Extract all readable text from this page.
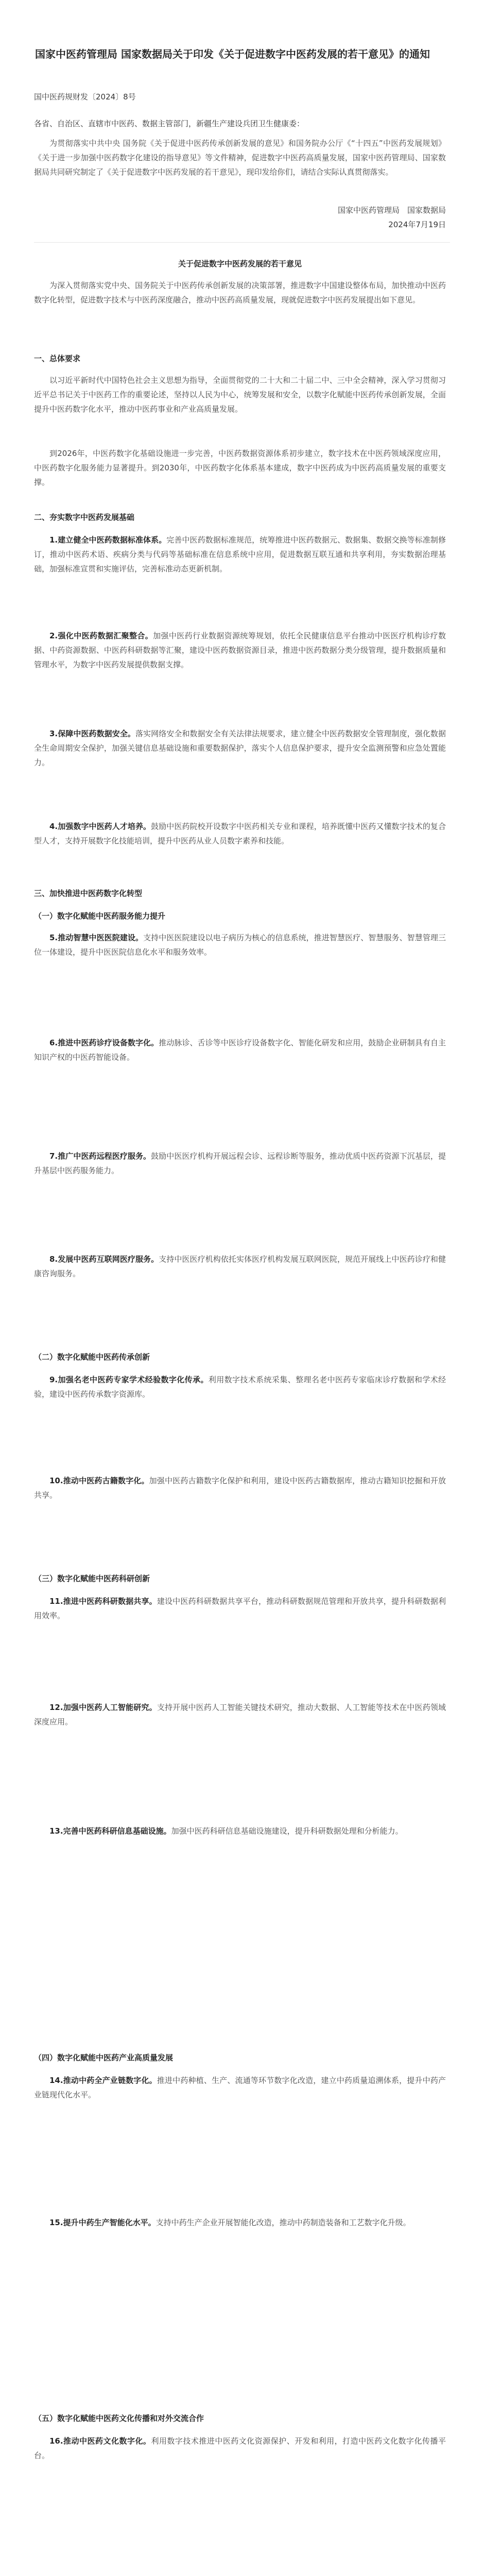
国家中医药管理局 国家数据局关于印发《关于促进数字中医药发展的若干意见》的通知
国中医药规财发〔2024〕8号
各省、自治区、直辖市中医药、数据主管部门，新疆生产建设兵团卫生健康委：
为贯彻落实中共中央 国务院《关于促进中医药传承创新发展的意见》和国务院办公厅《“十四五”中医药发展规划》《关于进一步加强中医药数字化建设的指导意见》等文件精神，促进数字中医药高质量发展，国家中医药管理局、国家数据局共同研究制定了《关于促进数字中医药发展的若干意见》，现印发给你们，请结合实际认真贯彻落实。
国家中医药管理局　国家数据局
2024年7月19日
关于促进数字中医药发展的若干意见
为深入贯彻落实党中央、国务院关于中医药传承创新发展的决策部署，推进数字中国建设整体布局，加快推动中医药数字化转型，促进数字技术与中医药深度融合，推动中医药高质量发展，现就促进数字中医药发展提出如下意见。
一、总体要求
以习近平新时代中国特色社会主义思想为指导，全面贯彻党的二十大和二十届二中、三中全会精神，深入学习贯彻习近平总书记关于中医药工作的重要论述，坚持以人民为中心，统筹发展和安全，以数字化赋能中医药传承创新发展，全面提升中医药数字化水平，推动中医药事业和产业高质量发展。
到2026年，中医药数字化基础设施进一步完善，中医药数据资源体系初步建立，数字技术在中医药领域深度应用，中医药数字化服务能力显著提升。到2030年，中医药数字化体系基本建成，数字中医药成为中医药高质量发展的重要支撑。
二、夯实数字中医药发展基础
1.建立健全中医药数据标准体系。完善中医药数据标准规范，统筹推进中医药数据元、数据集、数据交换等标准制修订，推动中医药术语、疾病分类与代码等基础标准在信息系统中应用，促进数据互联互通和共享利用，夯实数据治理基础，加强标准宣贯和实施评估，完善标准动态更新机制。
2.强化中医药数据汇聚整合。加强中医药行业数据资源统筹规划，依托全民健康信息平台推动中医医疗机构诊疗数据、中药资源数据、中医药科研数据等汇聚，建设中医药数据资源目录，推进中医药数据分类分级管理，提升数据质量和管理水平，为数字中医药发展提供数据支撑。
3.保障中医药数据安全。落实网络安全和数据安全有关法律法规要求，建立健全中医药数据安全管理制度，强化数据全生命周期安全保护，加强关键信息基础设施和重要数据保护，落实个人信息保护要求，提升安全监测预警和应急处置能力。
4.加强数字中医药人才培养。鼓励中医药院校开设数字中医药相关专业和课程，培养既懂中医药又懂数字技术的复合型人才，支持开展数字化技能培训，提升中医药从业人员数字素养和技能。
三、加快推进中医药数字化转型
（一）数字化赋能中医药服务能力提升
5.推动智慧中医医院建设。支持中医医院建设以电子病历为核心的信息系统，推进智慧医疗、智慧服务、智慧管理三位一体建设，提升中医医院信息化水平和服务效率。
6.推进中医药诊疗设备数字化。推动脉诊、舌诊等中医诊疗设备数字化、智能化研发和应用，鼓励企业研制具有自主知识产权的中医药智能设备。
7.推广中医药远程医疗服务。鼓励中医医疗机构开展远程会诊、远程诊断等服务，推动优质中医药资源下沉基层，提升基层中医药服务能力。
8.发展中医药互联网医疗服务。支持中医医疗机构依托实体医疗机构发展互联网医院，规范开展线上中医药诊疗和健康咨询服务。
（二）数字化赋能中医药传承创新
9.加强名老中医药专家学术经验数字化传承。利用数字技术系统采集、整理名老中医药专家临床诊疗数据和学术经验，建设中医药传承数字资源库。
10.推动中医药古籍数字化。加强中医药古籍数字化保护和利用，建设中医药古籍数据库，推动古籍知识挖掘和开放共享。
（三）数字化赋能中医药科研创新
11.推进中医药科研数据共享。建设中医药科研数据共享平台，推动科研数据规范管理和开放共享，提升科研数据利用效率。
12.加强中医药人工智能研究。支持开展中医药人工智能关键技术研究，推动大数据、人工智能等技术在中医药领域深度应用。
13.完善中医药科研信息基础设施。加强中医药科研信息基础设施建设，提升科研数据处理和分析能力。
（四）数字化赋能中医药产业高质量发展
14.推动中药全产业链数字化。推进中药种植、生产、流通等环节数字化改造，建立中药质量追溯体系，提升中药产业链现代化水平。
15.提升中药生产智能化水平。支持中药生产企业开展智能化改造，推动中药制造装备和工艺数字化升级。
（五）数字化赋能中医药文化传播和对外交流合作
16.推动中医药文化数字化。利用数字技术推进中医药文化资源保护、开发和利用，打造中医药文化数字化传播平台。
